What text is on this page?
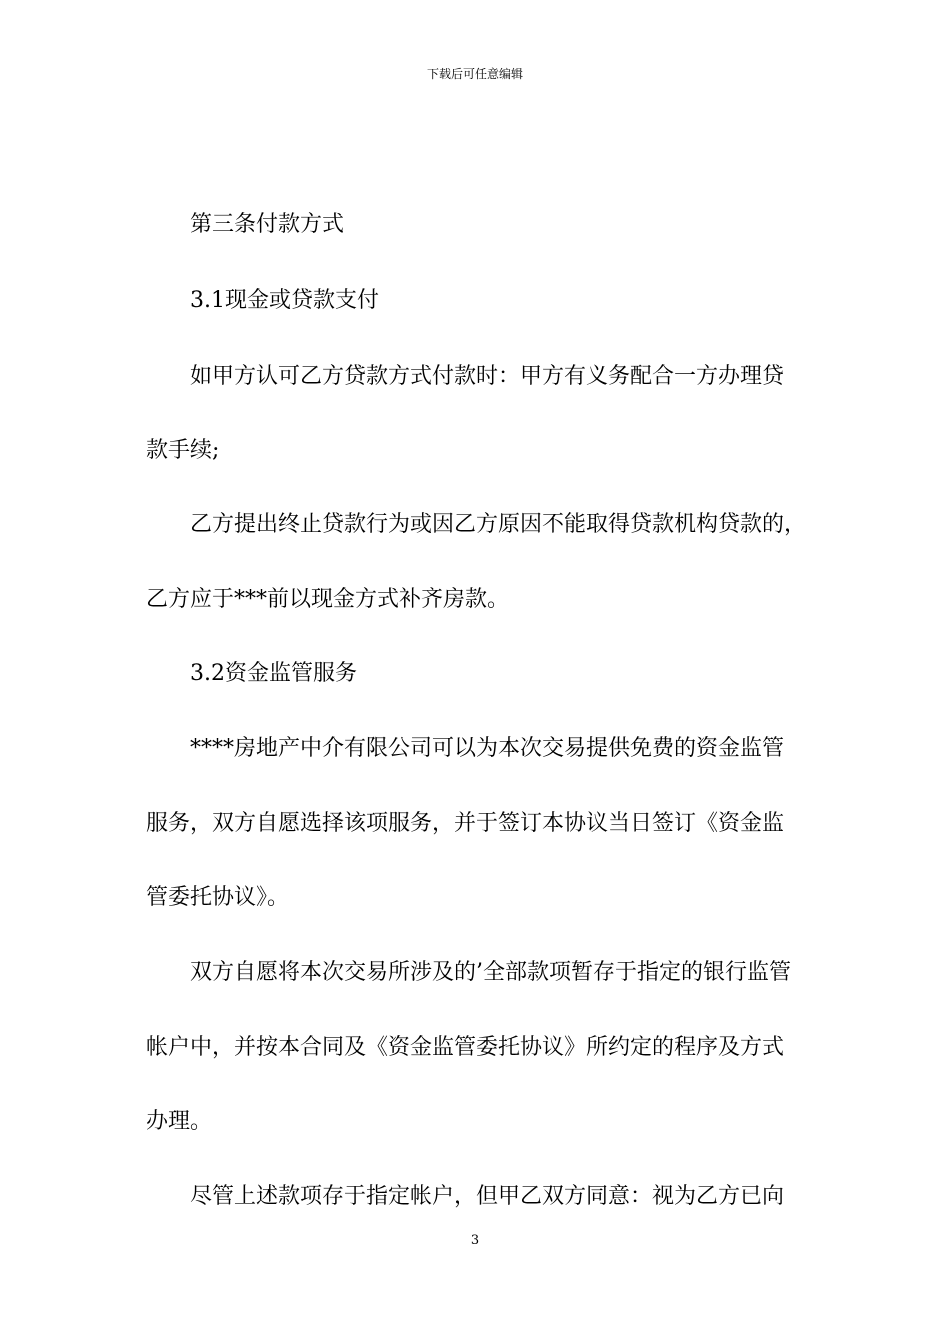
下载后可任意编辑
第三条付款方式
3.1现金或贷款支付
如甲方认可乙方贷款方式付款时：甲方有义务配合一方办理贷
款手续;
乙方提出终止贷款行为或因乙方原因不能取得贷款机构贷款的，
乙方应于***前以现金方式补齐房款。
3.2资金监管服务
****房地产中介有限公司可以为本次交易提供免费的资金监管
服务，双方自愿选择该项服务，并于签订本协议当日签订《资金监
管委托协议》。
双方自愿将本次交易所涉及的’全部款项暂存于指定的银行监管
帐户中，并按本合同及《资金监管委托协议》所约定的程序及方式
办理。
尽管上述款项存于指定帐户，但甲乙双方同意：视为乙方已向
3
